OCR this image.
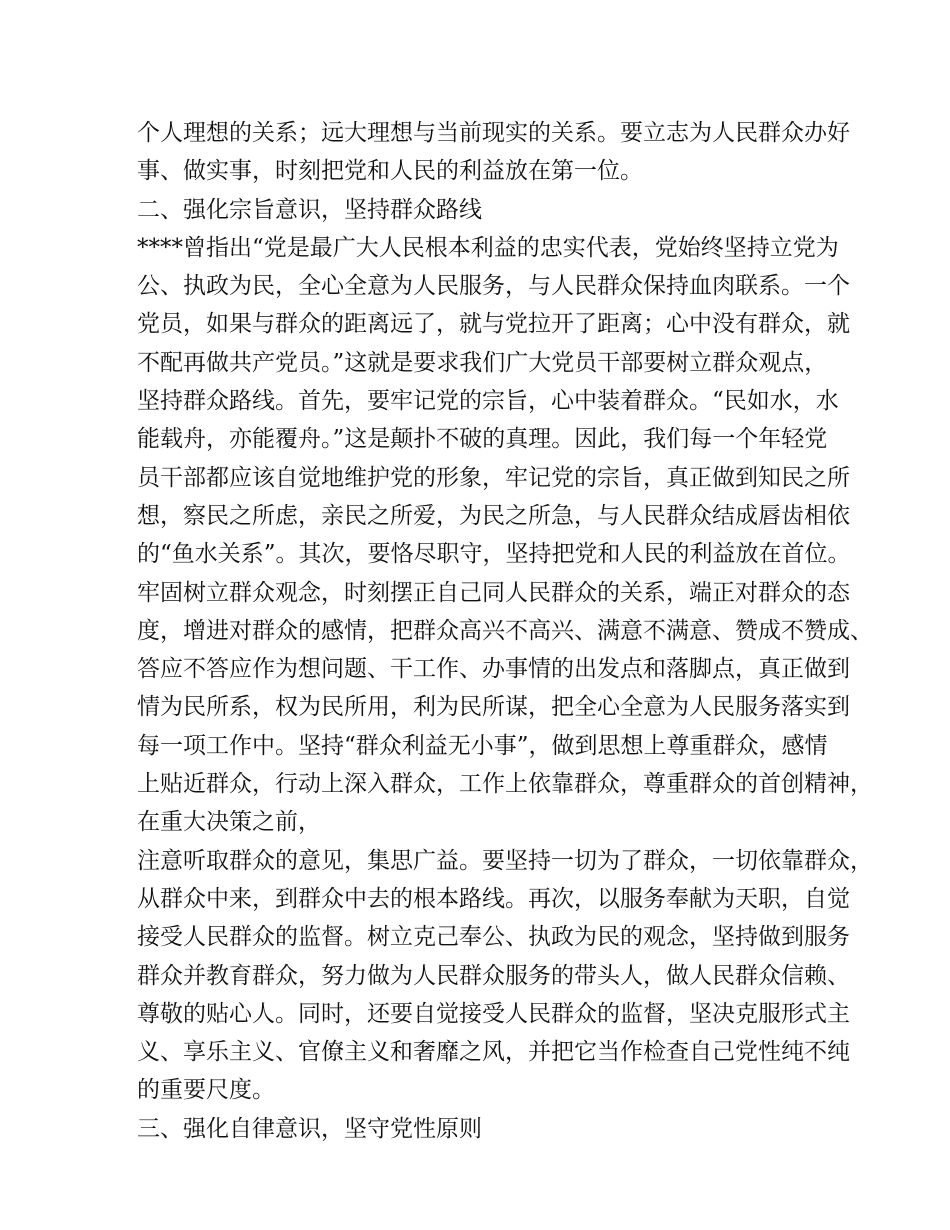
个人理想的关系；远大理想与当前现实的关系。要立志为人民群众办好
事、做实事，时刻把党和人民的利益放在第一位。
二、强化宗旨意识，坚持群众路线
****曾指出“党是最广大人民根本利益的忠实代表，党始终坚持立党为
公、执政为民，全心全意为人民服务，与人民群众保持血肉联系。一个
党员，如果与群众的距离远了，就与党拉开了距离；心中没有群众，就
不配再做共产党员。”这就是要求我们广大党员干部要树立群众观点，
坚持群众路线。首先，要牢记党的宗旨，心中装着群众。“民如水，水
能载舟，亦能覆舟。”这是颠扑不破的真理。因此，我们每一个年轻党
员干部都应该自觉地维护党的形象，牢记党的宗旨，真正做到知民之所
想，察民之所虑，亲民之所爱，为民之所急，与人民群众结成唇齿相依
的“鱼水关系”。其次，要恪尽职守，坚持把党和人民的利益放在首位。
牢固树立群众观念，时刻摆正自己同人民群众的关系，端正对群众的态
度，增进对群众的感情，把群众高兴不高兴、满意不满意、赞成不赞成、
答应不答应作为想问题、干工作、办事情的出发点和落脚点，真正做到
情为民所系，权为民所用，利为民所谋，把全心全意为人民服务落实到
每一项工作中。坚持“群众利益无小事”，做到思想上尊重群众，感情
上贴近群众，行动上深入群众，工作上依靠群众，尊重群众的首创精神，
在重大决策之前，
注意听取群众的意见，集思广益。要坚持一切为了群众，一切依靠群众，
从群众中来，到群众中去的根本路线。再次，以服务奉献为天职，自觉
接受人民群众的监督。树立克己奉公、执政为民的观念，坚持做到服务
群众并教育群众，努力做为人民群众服务的带头人，做人民群众信赖、
尊敬的贴心人。同时，还要自觉接受人民群众的监督，坚决克服形式主
义、享乐主义、官僚主义和奢靡之风，并把它当作检查自己党性纯不纯
的重要尺度。
三、强化自律意识，坚守党性原则
